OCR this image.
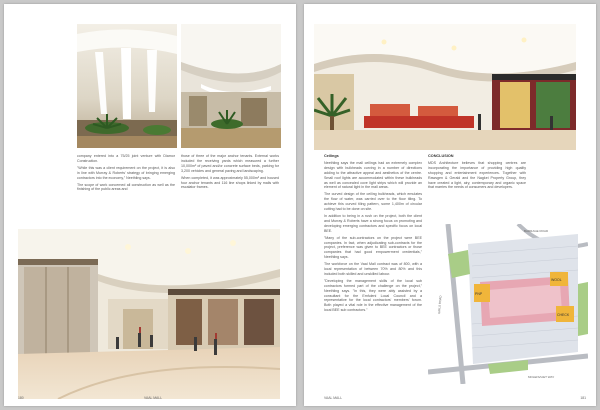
company entered into a 75/25 joint venture with Diamor Construction.

"While this was a client requirement on the project, it is also in line with Murray & Roberts' strategy of bringing emerging contractors into the economy," Neethling says.

The scope of work concerned all construction as well as the finishing of the public areas and

those of three of the major anchor tenants. External works included the receiving yards which measured a further 10,000m² of paved and/or concrete surface beds, parking for 3,200 vehicles and general paving and landscaping.

When completed, it was approximately 55,000m² and housed four anchor tenants and 116 line shops linked by malls with escalator frames.

180	VAAL MALL

Ceilings

Neethling says the mall ceilings had an extremely complex design with bulkheads curving in a number of directions adding to the attractive appeal and aesthetics of the centre. Small roof lights are accommodated within these bulkheads as well as concealed cove light strips which will provide an element of natural light in the mall areas.

The curved design of the ceiling bulkheads, which emulates the flow of water, was carried over to the floor tiling. To achieve this curved tiling pattern, some 1,400m of circular cutting had to be done on site.

In addition to being in a rush on the project, both the client and Murray & Roberts have a strong focus on promoting and developing emerging contractors and specific focus on local BEE.

"Many of the sub-contractors on the project were BEE companies. In fact, when adjudicating sub-contracts for the project, preference was given to BEE contractors or those companies that had good empowerment credentials," Neethling says.

The workforce on the Vaal Mall contract was of 800, with a local representation of between 70% and 80% and this included both skilled and unskilled labour.

"Developing the management skills of the local sub contractors formed part of the challenge on the project," Neethling says. "In this, they were ably assisted by a consultant for the Emfuleni Local Council and a representative for the local contractors' members' forum. Both played a vital role in the effective management of the local BEE sub contractors."

CONCLUSION

MDS Architecture believes that shopping centres are incorporating the importance of providing high quality shopping and entertainment experiences. Together with Rawsgen & Gerald and the Nagkei Property Group, they have created a light, airy, contemporary and organic space that marries the needs of consumers and developers.

PNP
WOOL
CHECK
BARRAGE ROAD
GIRLS ROAD
MOLENVLIET WAY
VAAL MALL	181
